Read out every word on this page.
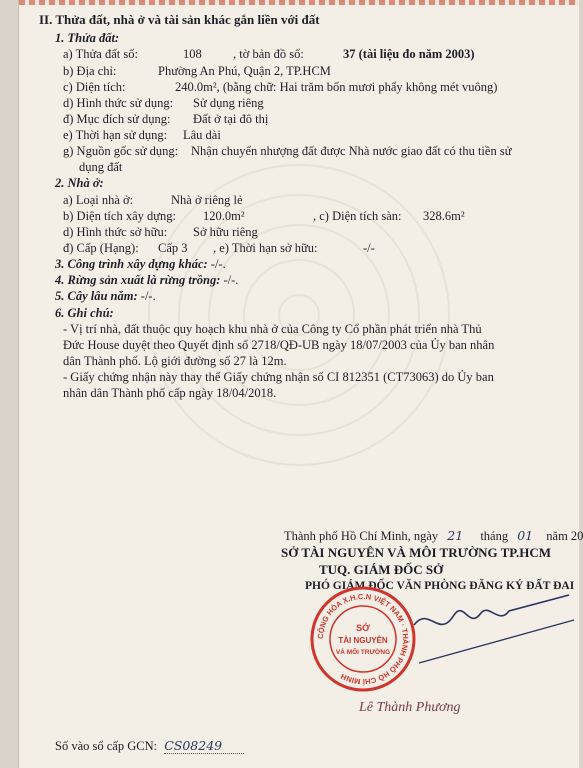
II. Thửa đất, nhà ở và tài sản khác gắn liền với đất
1. Thửa đất:
a) Thửa đất số:	108	, tờ bản đồ số:	37 (tài liệu đo năm 2003)
b) Địa chỉ:	Phường An Phú, Quận 2, TP.HCM
c) Diện tích:	240.0m², (bằng chữ: Hai trăm bốn mươi phẩy không mét vuông)
d) Hình thức sử dụng: Sử dụng riêng
đ) Mục đích sử dụng: Đất ở tại đô thị
e) Thời hạn sử dụng: Lâu dài
g) Nguồn gốc sử dụng: Nhận chuyển nhượng đất được Nhà nước giao đất có thu tiền sử
dụng đất
2. Nhà ở:
a) Loại nhà ở:	Nhà ở riêng lẻ
b) Diện tích xây dựng: 120.0m²	, c) Diện tích sàn: 328.6m²
d) Hình thức sở hữu: Sở hữu riêng
đ) Cấp (Hạng): Cấp 3 , e) Thời hạn sở hữu:	-/-
3. Công trình xây dựng khác: -/-.
4. Rừng sản xuất là rừng trồng: -/-.
5. Cây lâu năm: -/-.
6. Ghi chú:
- Vị trí nhà, đất thuộc quy hoạch khu nhà ở của Công ty Cổ phần phát triển nhà Thủ
Đức House duyệt theo Quyết định số 2718/QĐ-UB ngày 18/07/2003 của Ủy ban nhân
dân Thành phố. Lộ giới đường số 27 là 12m.
- Giấy chứng nhận này thay thế Giấy chứng nhận số CI 812351 (CT73063) do Ủy ban
nhân dân Thành phố cấp ngày 18/04/2018.
Thành phố Hồ Chí Minh, ngày 21 tháng 01 năm 20
SỞ TÀI NGUYÊN VÀ MÔI TRƯỜNG TP.HCM
TUQ. GIÁM ĐỐC SỞ
PHÓ GIÁM ĐỐC VĂN PHÒNG ĐĂNG KÝ ĐẤT ĐAI
CỘNG HÒA X.H.C.N VIỆT NAM · THÀNH PHỐ HỒ CHÍ MINH
SỞ
TÀI NGUYÊN
VÀ MÔI TRƯỜNG
Lê Thành Phương
Số vào sổ cấp GCN: CS08249
